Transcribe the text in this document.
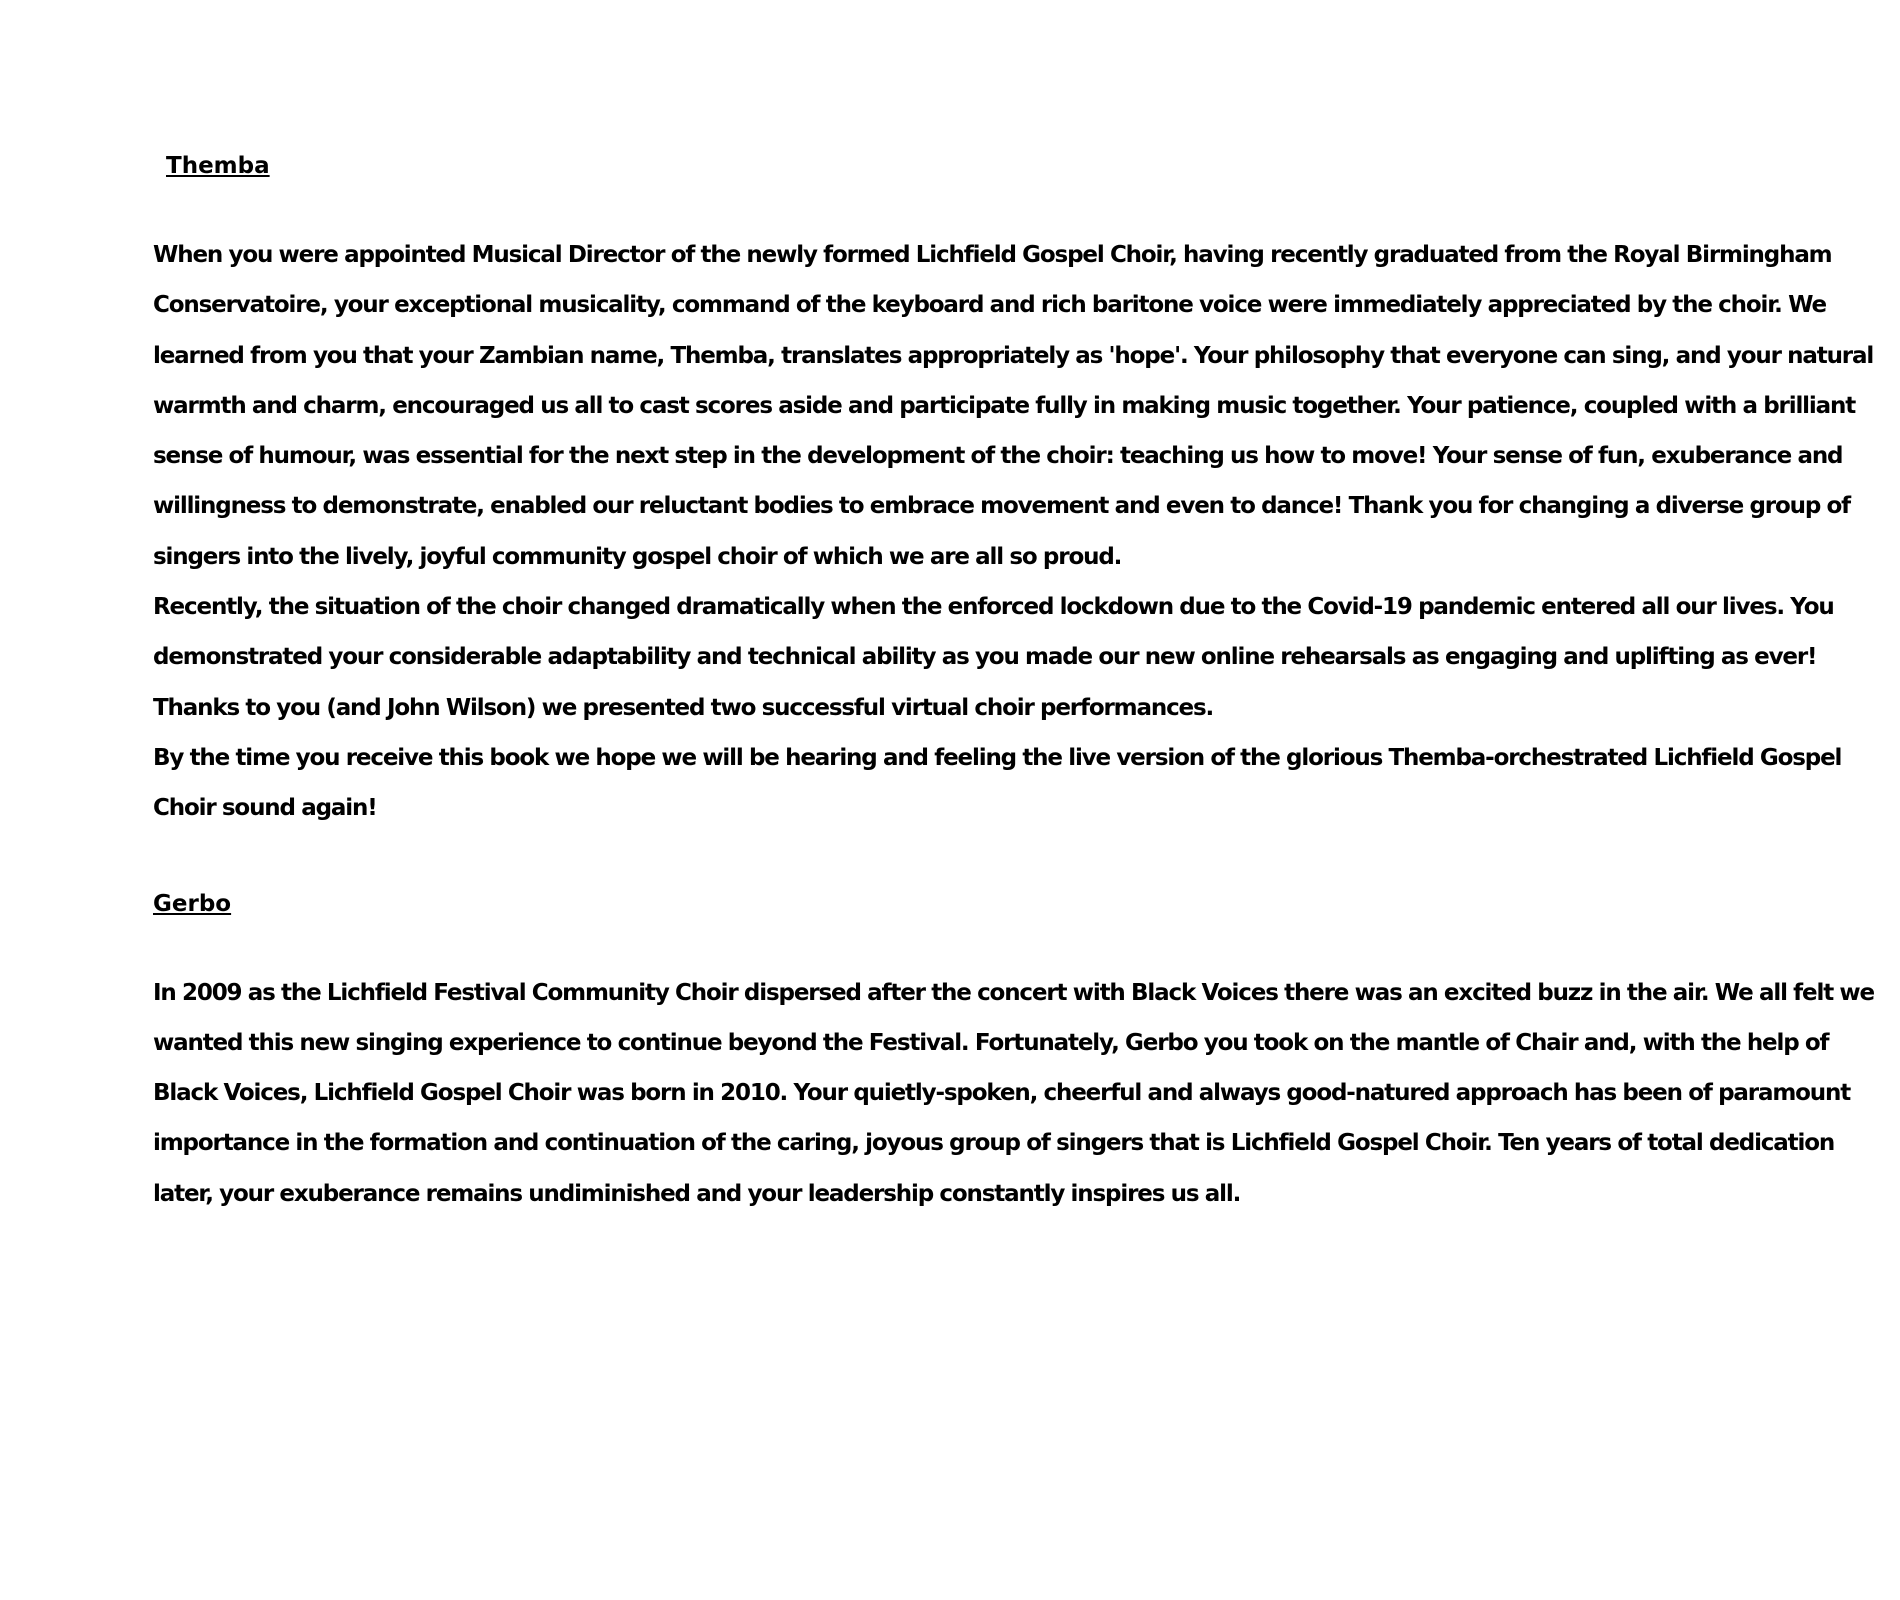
Themba
When you were appointed Musical Director of the newly formed Lichfield Gospel Choir, having recently graduated from the Royal Birmingham
Conservatoire, your exceptional musicality, command of the keyboard and rich baritone voice were immediately appreciated by the choir. We
learned from you that your Zambian name, Themba, translates appropriately as 'hope'. Your philosophy that everyone can sing, and your natural
warmth and charm, encouraged us all to cast scores aside and participate fully in making music together. Your patience, coupled with a brilliant
sense of humour, was essential for the next step in the development of the choir: teaching us how to move! Your sense of fun, exuberance and
willingness to demonstrate, enabled our reluctant bodies to embrace movement and even to dance! Thank you for changing a diverse group of
singers into the lively, joyful community gospel choir of which we are all so proud.
Recently, the situation of the choir changed dramatically when the enforced lockdown due to the Covid-19 pandemic entered all our lives. You
demonstrated your considerable adaptability and technical ability as you made our new online rehearsals as engaging and uplifting as ever!
Thanks to you (and John Wilson) we presented two successful virtual choir performances.
By the time you receive this book we hope we will be hearing and feeling the live version of the glorious Themba-orchestrated Lichfield Gospel
Choir sound again!
Gerbo
In 2009 as the Lichfield Festival Community Choir dispersed after the concert with Black Voices there was an excited buzz in the air. We all felt we
wanted this new singing experience to continue beyond the Festival. Fortunately, Gerbo you took on the mantle of Chair and, with the help of
Black Voices, Lichfield Gospel Choir was born in 2010. Your quietly-spoken, cheerful and always good-natured approach has been of paramount
importance in the formation and continuation of the caring, joyous group of singers that is Lichfield Gospel Choir. Ten years of total dedication
later, your exuberance remains undiminished and your leadership constantly inspires us all.
